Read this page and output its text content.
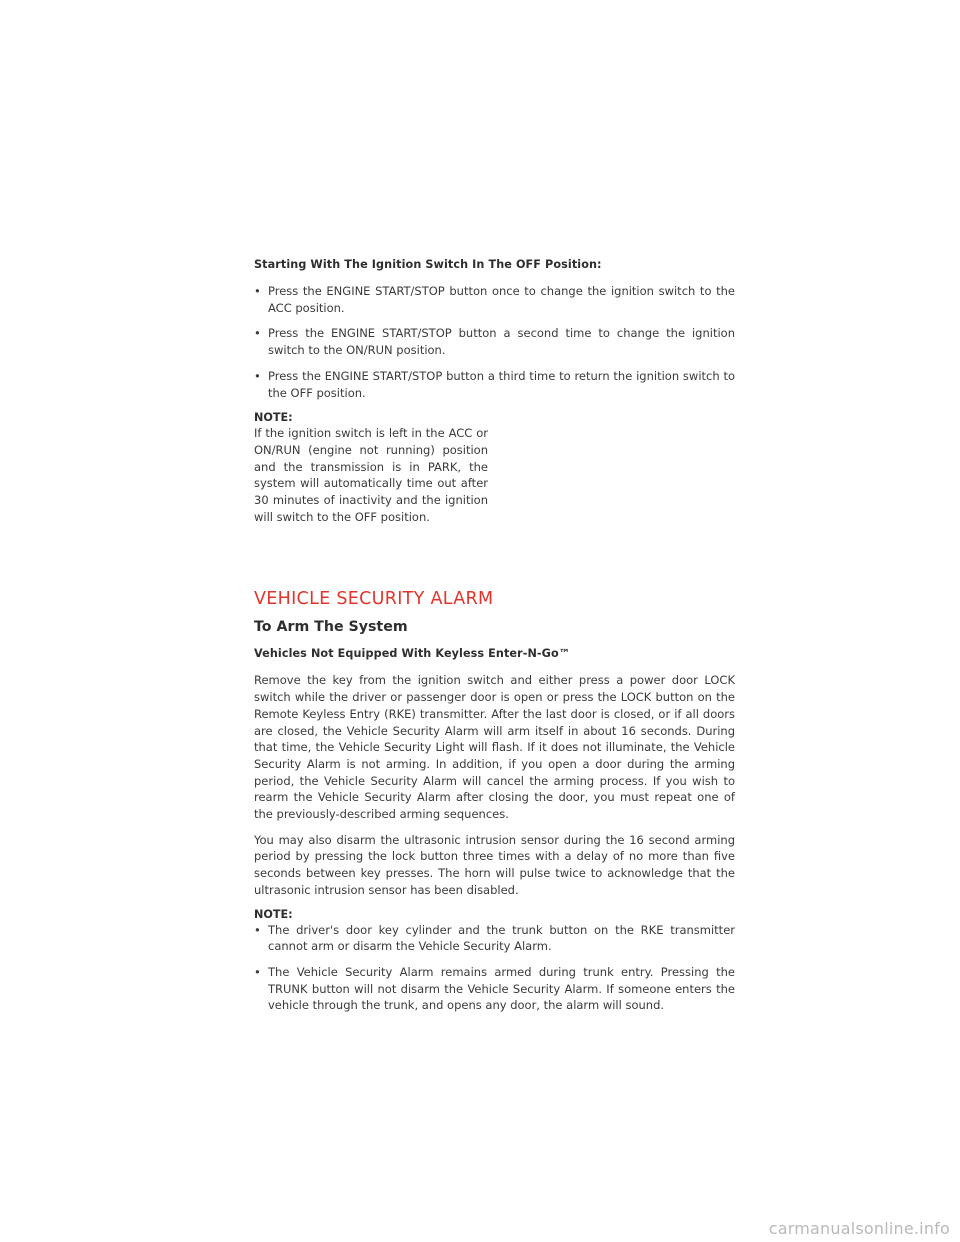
Starting With The Ignition Switch In The OFF Position:
• Press the ENGINE START/STOP button once to change the ignition switch to the ACC position.
• Press the ENGINE START/STOP button a second time to change the ignition switch to the ON/RUN position.
• Press the ENGINE START/STOP button a third time to return the ignition switch to the OFF position.
NOTE:

If the ignition switch is left in the ACC or ON/RUN (engine not running) position and the transmission is in PARK, the system will automatically time out after 30 minutes of inactivity and the ignition will switch to the OFF position.

VEHICLE SECURITY ALARM
To Arm The System
Vehicles Not Equipped With Keyless Enter-N-Go™

Remove the key from the ignition switch and either press a power door LOCK switch while the driver or passenger door is open or press the LOCK button on the Remote Keyless Entry (RKE) transmitter. After the last door is closed, or if all doors are closed, the Vehicle Security Alarm will arm itself in about 16 seconds. During that time, the Vehicle Security Light will flash. If it does not illuminate, the Vehicle Security Alarm is not arming. In addition, if you open a door during the arming period, the Vehicle Security Alarm will cancel the arming process. If you wish to rearm the Vehicle Security Alarm after closing the door, you must repeat one of the previously-described arming sequences.

You may also disarm the ultrasonic intrusion sensor during the 16 second arming period by pressing the lock button three times with a delay of no more than five seconds between key presses. The horn will pulse twice to acknowledge that the ultrasonic intrusion sensor has been disabled.

NOTE:
• The driver's door key cylinder and the trunk button on the RKE transmitter cannot arm or disarm the Vehicle Security Alarm.
• The Vehicle Security Alarm remains armed during trunk entry. Pressing the TRUNK button will not disarm the Vehicle Security Alarm. If someone enters the vehicle through the trunk, and opens any door, the alarm will sound.
carmanualsonline.info
